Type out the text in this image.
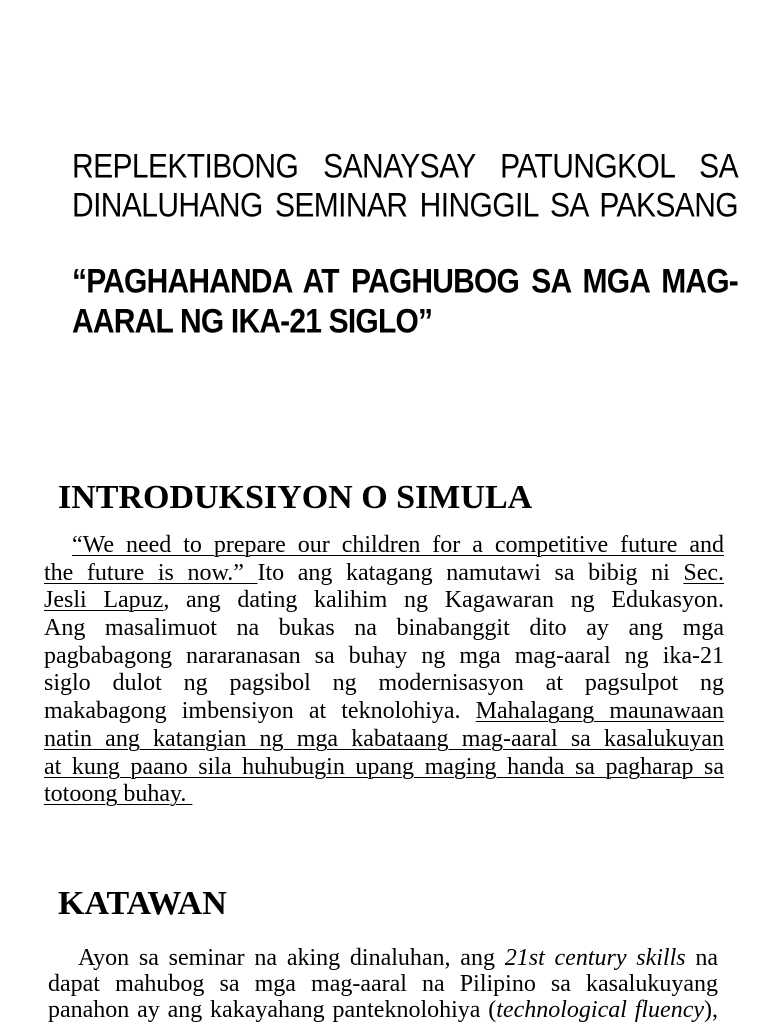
REPLEKTIBONG SANAYSAY PATUNGKOL SA
DINALUHANG SEMINAR HINGGIL SA PAKSANG
“PAGHAHANDA AT PAGHUBOG SA MGA MAG-
AARAL NG IKA-21 SIGLO”
INTRODUKSIYON O SIMULA
“We need to prepare our children for a competitive future and
the future is now.” Ito ang katagang namutawi sa bibig ni Sec.
Jesli Lapuz, ang dating kalihim ng Kagawaran ng Edukasyon.
Ang masalimuot na bukas na binabanggit dito ay ang mga
pagbabagong nararanasan sa buhay ng mga mag-aaral ng ika-21
siglo dulot ng pagsibol ng modernisasyon at pagsulpot ng
makabagong imbensiyon at teknolohiya. Mahalagang maunawaan
natin ang katangian ng mga kabataang mag-aaral sa kasalukuyan
at kung paano sila huhubugin upang maging handa sa pagharap sa
totoong buhay.
KATAWAN
Ayon sa seminar na aking dinaluhan, ang 21st century skills na
dapat mahubog sa mga mag-aaral na Pilipino sa kasalukuyang
panahon ay ang kakayahang panteknolohiya (technological fluency),
